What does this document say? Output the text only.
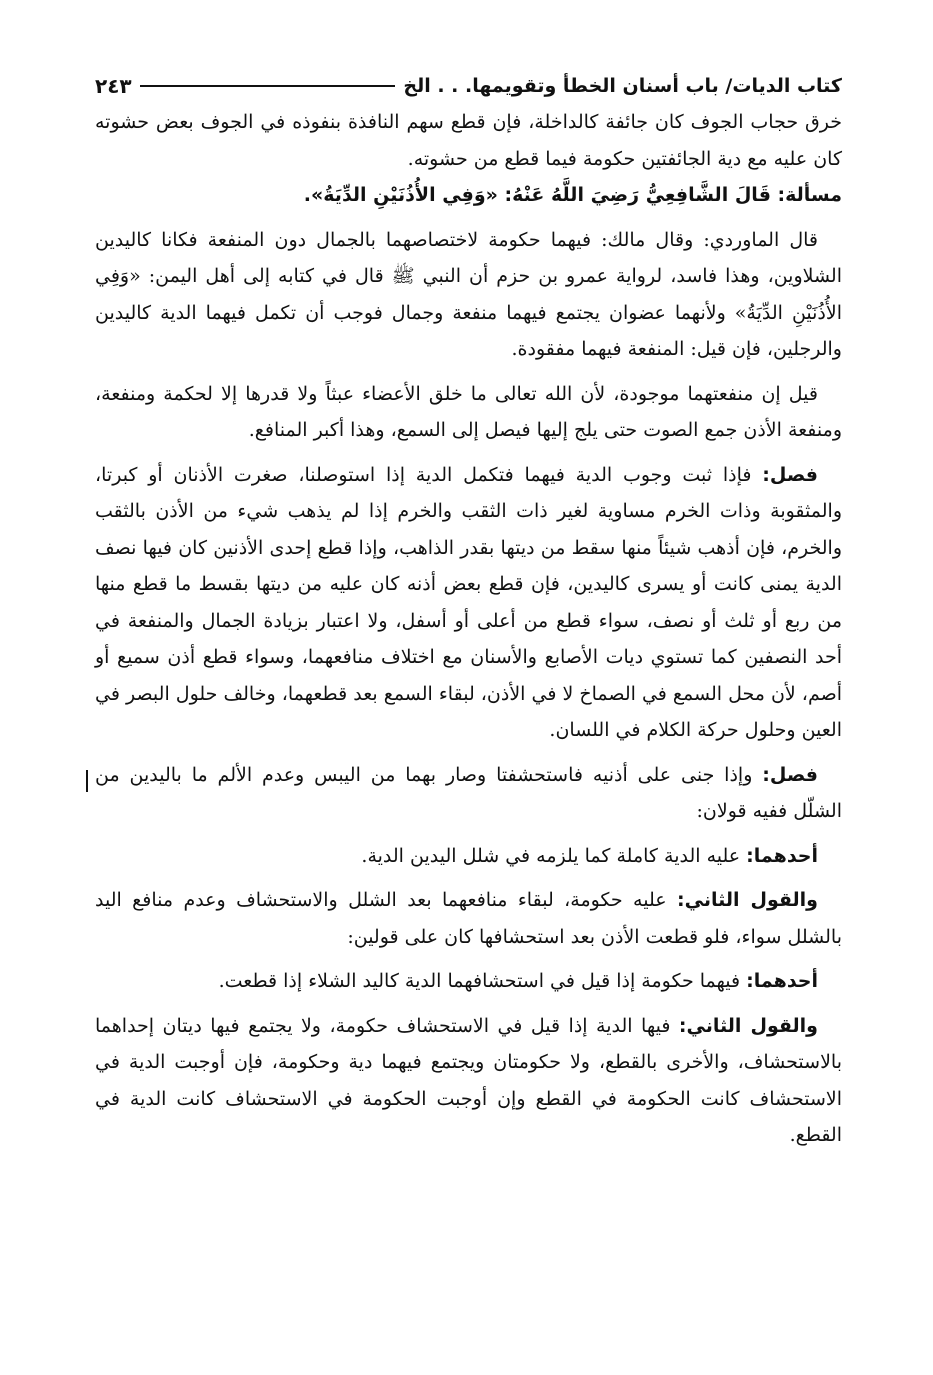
كتاب الديات/ باب أسنان الخطأ وتقويمها. . . الخ
٢٤٣

خرق حجاب الجوف كان جائفة كالداخلة، فإن قطع سهم النافذة بنفوذه في الجوف بعض حشوته كان عليه مع دية الجائفتين حكومة فيما قطع من حشوته.

مسألة: قَالَ الشَّافِعِيُّ رَضِيَ اللَّهُ عَنْهُ: «وَفِي الأُذُنَيْنِ الدِّيَةُ».

قال الماوردي: وقال مالك: فيهما حكومة لاختصاصهما بالجمال دون المنفعة فكانا كاليدين الشلاوين، وهذا فاسد، لرواية عمرو بن حزم أن النبي ﷺ قال في كتابه إلى أهل اليمن: «وَفِي الأُذُنَيْنِ الدِّيَةُ» ولأنهما عضوان يجتمع فيهما منفعة وجمال فوجب أن تكمل فيهما الدية كاليدين والرجلين، فإن قيل: المنفعة فيهما مفقودة.

قيل إن منفعتهما موجودة، لأن الله تعالى ما خلق الأعضاء عبثاً ولا قدرها إلا لحكمة ومنفعة، ومنفعة الأذن جمع الصوت حتى يلج إليها فيصل إلى السمع، وهذا أكبر المنافع.

فصل: فإذا ثبت وجوب الدية فيهما فتكمل الدية إذا استوصلنا، صغرت الأذنان أو كبرتا، والمثقوبة وذات الخرم مساوية لغير ذات الثقب والخرم إذا لم يذهب شيء من الأذن بالثقب والخرم، فإن أذهب شيئاً منها سقط من ديتها بقدر الذاهب، وإذا قطع إحدى الأذنين كان فيها نصف الدية يمنى كانت أو يسرى كاليدين، فإن قطع بعض أذنه كان عليه من ديتها بقسط ما قطع منها من ربع أو ثلث أو نصف، سواء قطع من أعلى أو أسفل، ولا اعتبار بزيادة الجمال والمنفعة في أحد النصفين كما تستوي ديات الأصابع والأسنان مع اختلاف منافعهما، وسواء قطع أذن سميع أو أصم، لأن محل السمع في الصماخ لا في الأذن، لبقاء السمع بعد قطعهما، وخالف حلول البصر في العين وحلول حركة الكلام في اللسان.

فصل: وإذا جنى على أذنيه فاستحشفتا وصار بهما من اليبس وعدم الألم ما باليدين من الشلّل ففيه قولان:

أحدهما: عليه الدية كاملة كما يلزمه في شلل اليدين الدية.

والقول الثاني: عليه حكومة، لبقاء منافعهما بعد الشلل والاستحشاف وعدم منافع اليد بالشلل سواء، فلو قطعت الأذن بعد استحشافها كان على قولين:

أحدهما: فيهما حكومة إذا قيل في استحشافهما الدية كاليد الشلاء إذا قطعت.

والقول الثاني: فيها الدية إذا قيل في الاستحشاف حكومة، ولا يجتمع فيها ديتان إحداهما بالاستحشاف، والأخرى بالقطع، ولا حكومتان ويجتمع فيهما دية وحكومة، فإن أوجبت الدية في الاستحشاف كانت الحكومة في القطع وإن أوجبت الحكومة في الاستحشاف كانت الدية في القطع.
